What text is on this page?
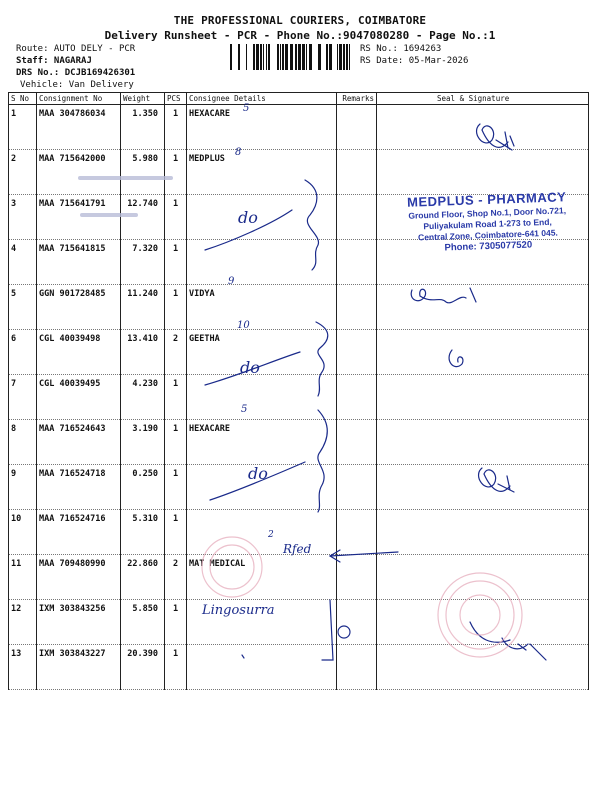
THE PROFESSIONAL COURIERS, COIMBATORE
Delivery Runsheet - PCR - Phone No.:9047080280 - Page No.:1
Route: AUTO DELY - PCR
Staff: NAGARAJ
DRS No.: DCJB169426301
Vehicle: Van Delivery
RS No.: 1694263
RS Date: 05-Mar-2026
S No	Consignment No	Weight	PCS	Consignee Details	Remarks	Seal & Signature
1	MAA 304786034	1.350	1	HEXACARE		
2	MAA 715642000	5.980	1	MEDPLUS		
3	MAA 715641791	12.740	1			
4	MAA 715641815	7.320	1			
5	GGN 901728485	11.240	1	VIDYA		
6	CGL 40039498	13.410	2	GEETHA		
7	CGL 40039495	4.230	1			
8	MAA 716524643	3.190	1	HEXACARE		
9	MAA 716524718	0.250	1			
10	MAA 716524716	5.310	1			
11	MAA 709480990	22.860	2	MAT MEDICAL		
12	IXM 303843256	5.850	1			
13	IXM 303843227	20.390	1			
5
8
9
10
5
2
do
do
do
Rfed
Lingosurra
MEDPLUS - PHARMACY
Ground Floor, Shop No.1, Door No.721,
Puliyakulam Road 1-273 to End,
Central Zone, Coimbatore-641 045.
Phone: 7305077520
